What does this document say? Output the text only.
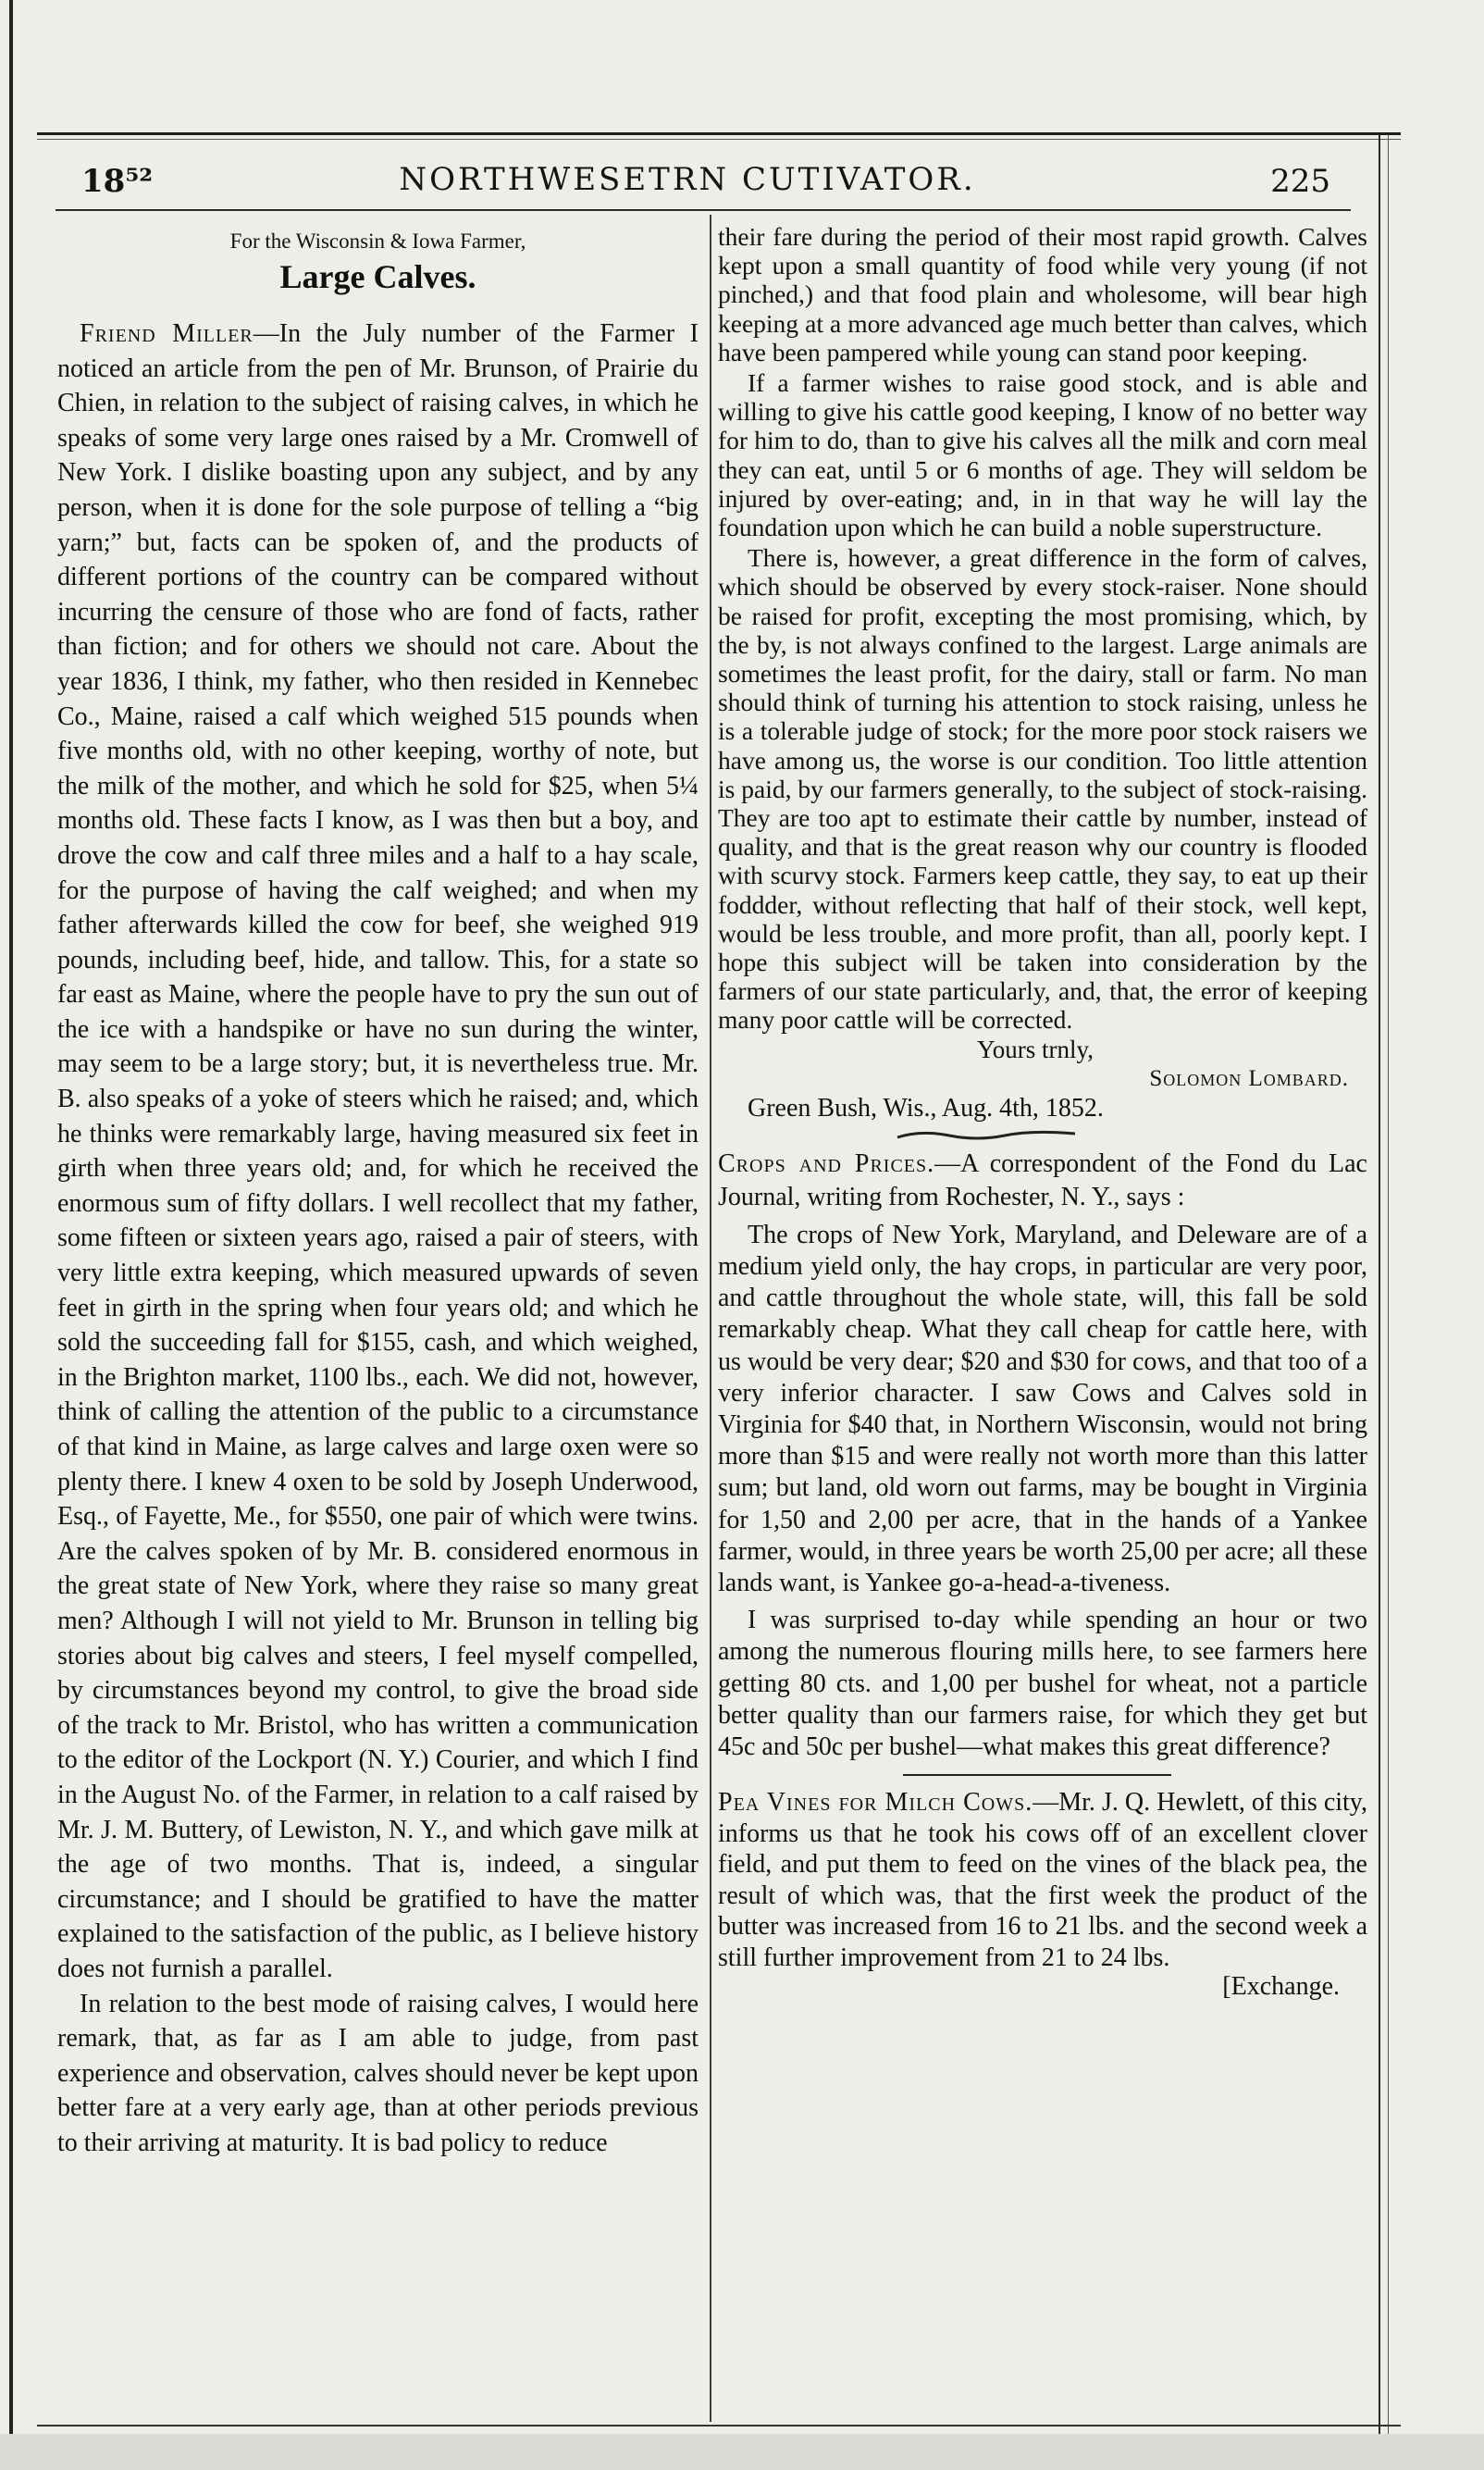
18⁵²	NORTHWESETRN CUTIVATOR.	225

For the Wisconsin & Iowa Farmer,

Large Calves.

Friend Miller—In the July number of the Farmer I noticed an article from the pen of Mr. Brunson, of Prairie du Chien, in relation to the subject of raising calves, in which he speaks of some very large ones raised by a Mr. Cromwell of New York. I dislike boasting upon any subject, and by any person, when it is done for the sole purpose of telling a “big yarn;” but, facts can be spoken of, and the products of different portions of the country can be compared without incurring the censure of those who are fond of facts, rather than fiction; and for others we should not care. About the year 1836, I think, my father, who then resided in Kennebec Co., Maine, raised a calf which weighed 515 pounds when five months old, with no other keeping, worthy of note, but the milk of the mother, and which he sold for $25, when 5¼ months old. These facts I know, as I was then but a boy, and drove the cow and calf three miles and a half to a hay scale, for the purpose of having the calf weighed; and when my father afterwards killed the cow for beef, she weighed 919 pounds, including beef, hide, and tallow. This, for a state so far east as Maine, where the people have to pry the sun out of the ice with a handspike or have no sun during the winter, may seem to be a large story; but, it is nevertheless true. Mr. B. also speaks of a yoke of steers which he raised; and, which he thinks were remarkably large, having measured six feet in girth when three years old; and, for which he received the enormous sum of fifty dollars. I well recollect that my father, some fifteen or sixteen years ago, raised a pair of steers, with very little extra keeping, which measured upwards of seven feet in girth in the spring when four years old; and which he sold the succeeding fall for $155, cash, and which weighed, in the Brighton market, 1100 lbs., each. We did not, however, think of calling the attention of the public to a circumstance of that kind in Maine, as large calves and large oxen were so plenty there. I knew 4 oxen to be sold by Joseph Underwood, Esq., of Fayette, Me., for $550, one pair of which were twins. Are the calves spoken of by Mr. B. considered enormous in the great state of New York, where they raise so many great men? Although I will not yield to Mr. Brunson in telling big stories about big calves and steers, I feel myself compelled, by circumstances beyond my control, to give the broad side of the track to Mr. Bristol, who has written a communication to the editor of the Lockport (N. Y.) Courier, and which I find in the August No. of the Farmer, in relation to a calf raised by Mr. J. M. Buttery, of Lewiston, N. Y., and which gave milk at the age of two months. That is, indeed, a singular circumstance; and I should be gratified to have the matter explained to the satisfaction of the public, as I believe history does not furnish a parallel.

In relation to the best mode of raising calves, I would here remark, that, as far as I am able to judge, from past experience and observation, calves should never be kept upon better fare at a very early age, than at other periods previous to their arriving at maturity. It is bad policy to reduce

their fare during the period of their most rapid growth. Calves kept upon a small quantity of food while very young (if not pinched,) and that food plain and wholesome, will bear high keeping at a more advanced age much better than calves, which have been pampered while young can stand poor keeping.

If a farmer wishes to raise good stock, and is able and willing to give his cattle good keeping, I know of no better way for him to do, than to give his calves all the milk and corn meal they can eat, until 5 or 6 months of age. They will seldom be injured by over-eating; and, in in that way he will lay the foundation upon which he can build a noble superstructure.

There is, however, a great difference in the form of calves, which should be observed by every stock-raiser. None should be raised for profit, excepting the most promising, which, by the by, is not always confined to the largest. Large animals are sometimes the least profit, for the dairy, stall or farm. No man should think of turning his attention to stock raising, unless he is a tolerable judge of stock; for the more poor stock raisers we have among us, the worse is our condition. Too little attention is paid, by our farmers generally, to the subject of stock-raising. They are too apt to estimate their cattle by number, instead of quality, and that is the great reason why our country is flooded with scurvy stock. Farmers keep cattle, they say, to eat up their foddder, without reflecting that half of their stock, well kept, would be less trouble, and more profit, than all, poorly kept. I hope this subject will be taken into consideration by the farmers of our state particularly, and, that, the error of keeping many poor cattle will be corrected.

Yours trnly,

Solomon Lombard.

Green Bush, Wis., Aug. 4th, 1852.

Crops and Prices.—A correspondent of the Fond du Lac Journal, writing from Rochester, N. Y., says :

The crops of New York, Maryland, and Deleware are of a medium yield only, the hay crops, in particular are very poor, and cattle throughout the whole state, will, this fall be sold remarkably cheap. What they call cheap for cattle here, with us would be very dear; $20 and $30 for cows, and that too of a very inferior character. I saw Cows and Calves sold in Virginia for $40 that, in Northern Wisconsin, would not bring more than $15 and were really not worth more than this latter sum; but land, old worn out farms, may be bought in Virginia for 1,50 and 2,00 per acre, that in the hands of a Yankee farmer, would, in three years be worth 25,00 per acre; all these lands want, is Yankee go-a-head-a-tiveness.

I was surprised to-day while spending an hour or two among the numerous flouring mills here, to see farmers here getting 80 cts. and 1,00 per bushel for wheat, not a particle better quality than our farmers raise, for which they get but 45c and 50c per bushel—what makes this great difference?

Pea Vines for Milch Cows.—Mr. J. Q. Hewlett, of this city, informs us that he took his cows off of an excellent clover field, and put them to feed on the vines of the black pea, the result of which was, that the first week the product of the butter was increased from 16 to 21 lbs. and the second week a still further improvement from 21 to 24 lbs.

[Exchange.
